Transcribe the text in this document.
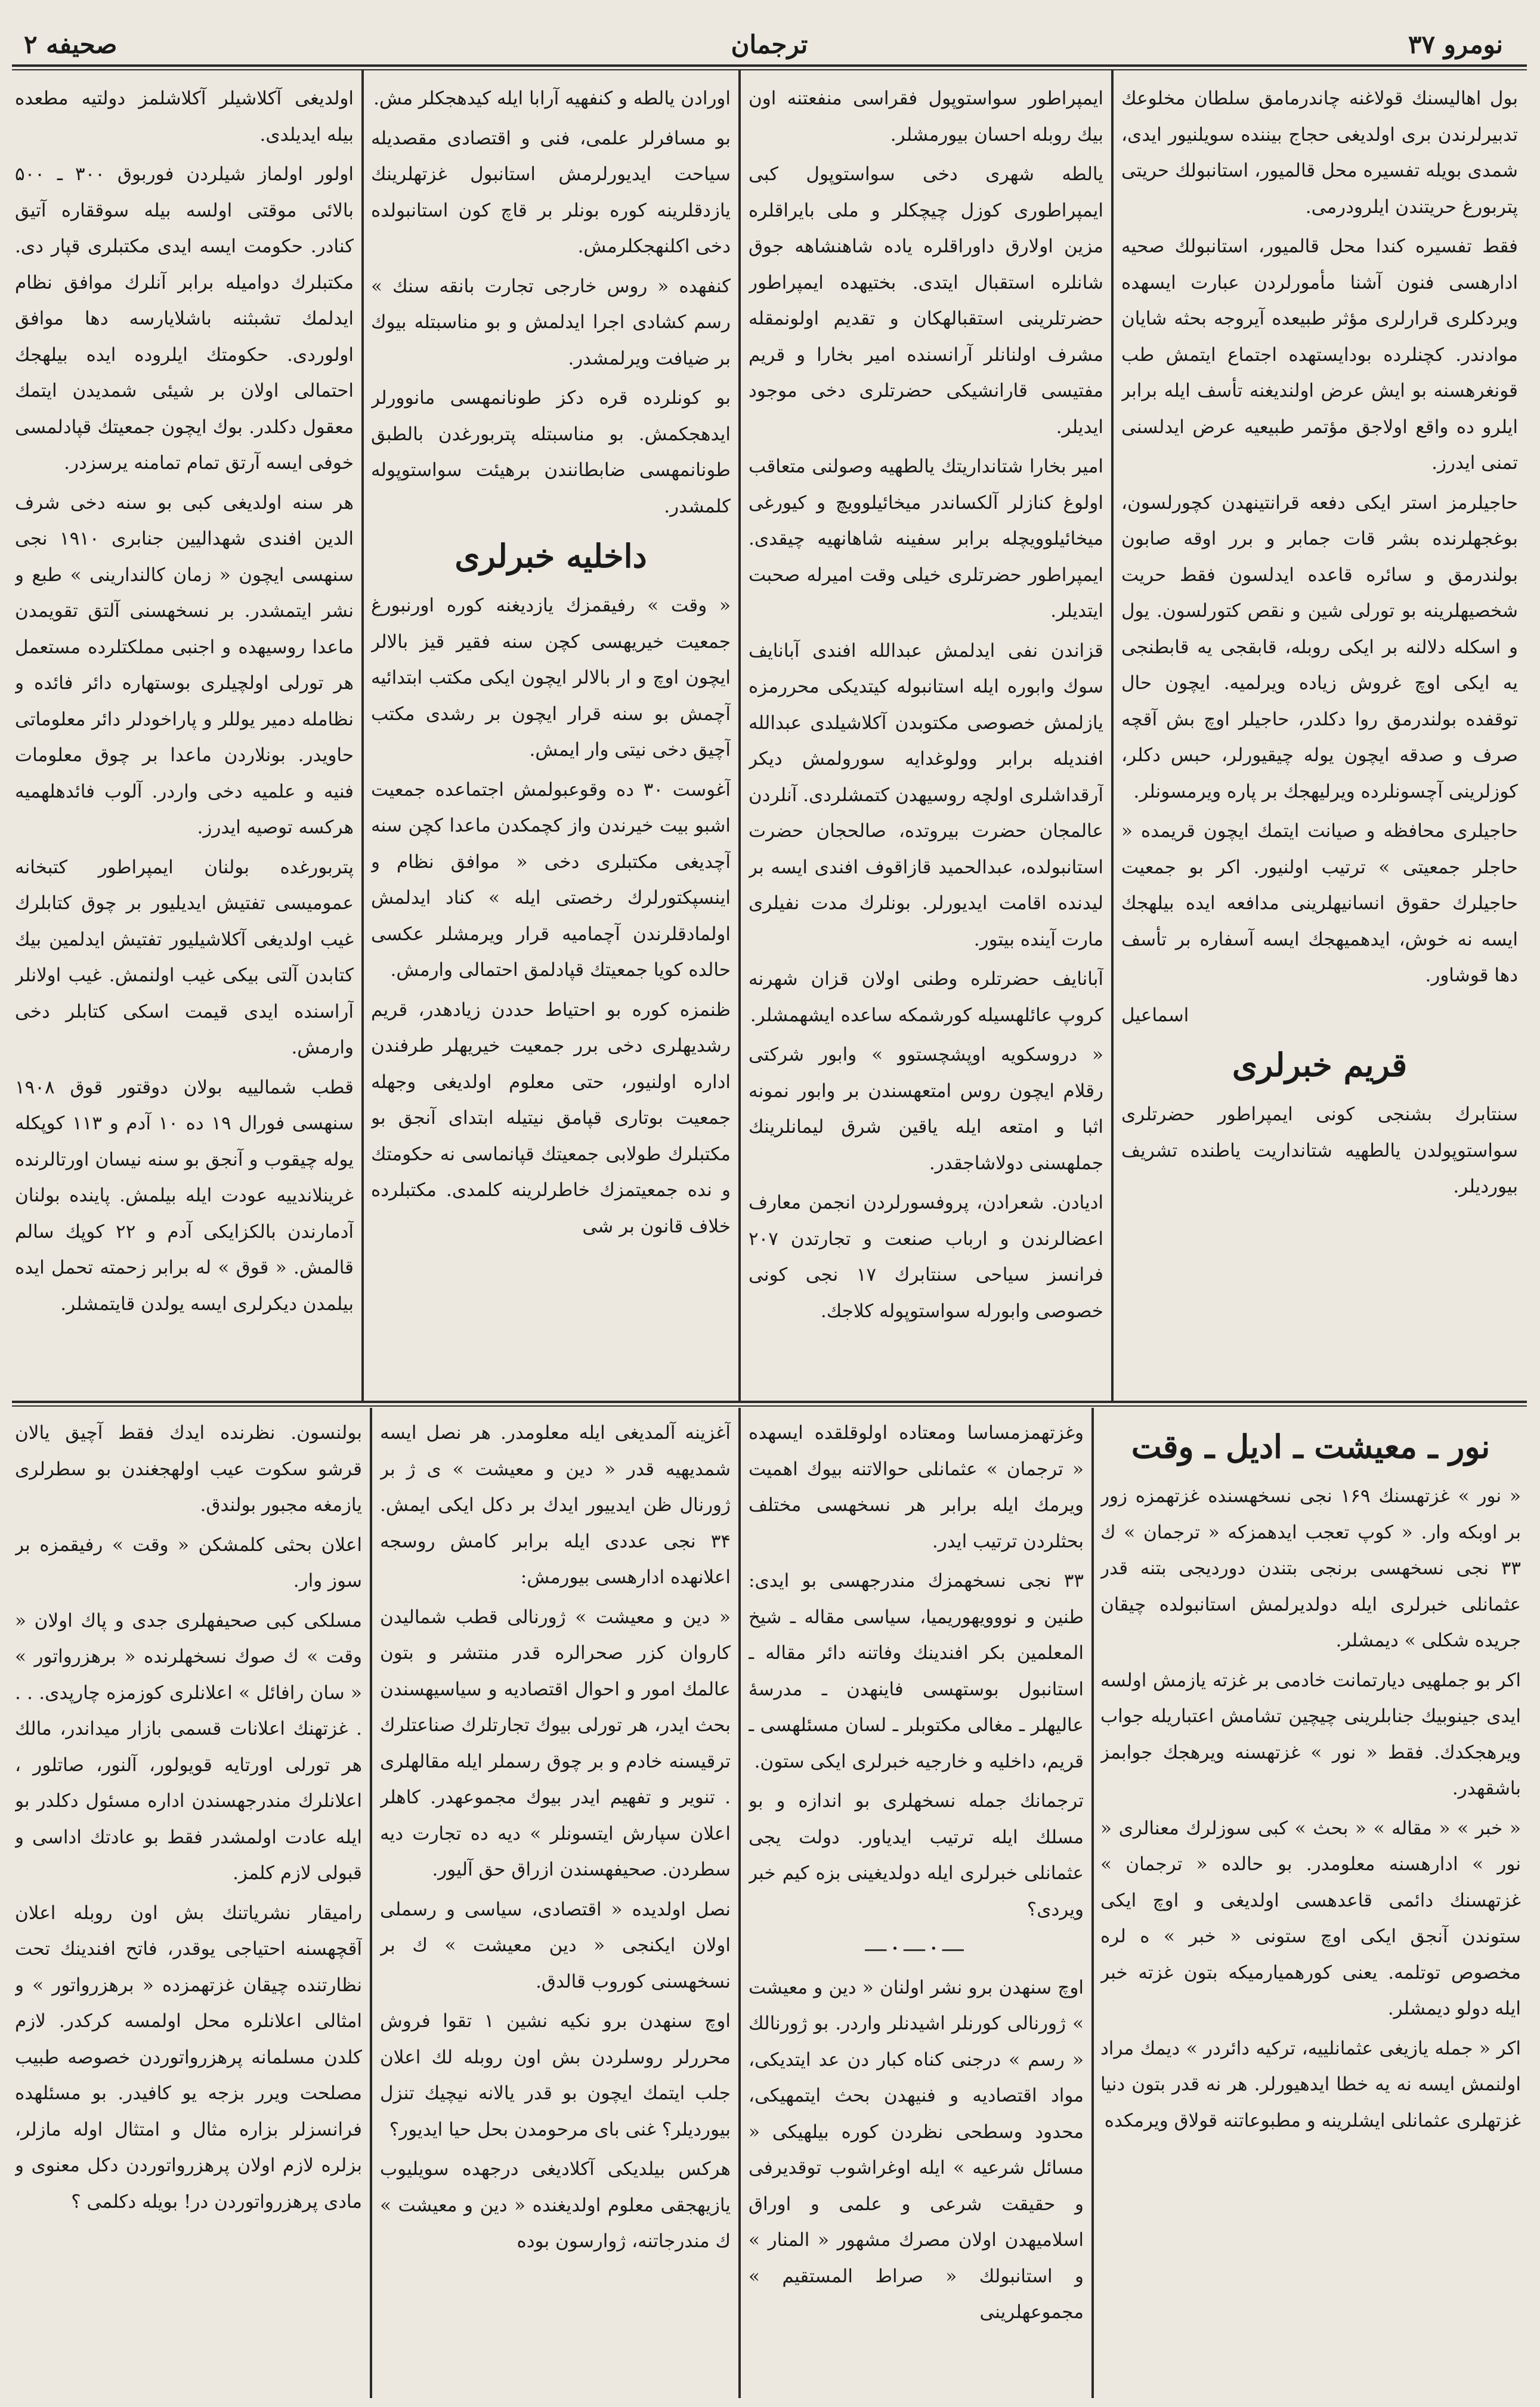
نومرو ۳۷
ترجمان
صحيفه ۲

بول اهالیسنك قولاغنه چاندرمامق سلطان مخلوعك تدبیرلرندن بری اولدیغی حجاج بیننده سویلنیور ایدی، شمدی بویله تفسیره محل قالمیور، استانبولك حریتی پتربورغ حریتندن ایلرودرمی.

فقط تفسیره کندا محل قالمیور، استانبولك صحیه ادارهسی فنون آشنا مأمورلردن عبارت ایسهده ویردکلری قرارلری مؤثر طبیعده آیروجه بحثه شایان موادندر. کچنلرده بودایستهده اجتماع ایتمش طب قونغرهسنه بو ایش عرض اولندیغنه تأسف ایله برابر ایلرو ده واقع اولاجق مؤتمر طبیعیه عرض ایدلسنی تمنی ایدرز.

حاجیلرمز استر ایکی دفعه قرانتینهدن کچورلسون، بوغجهلرنده بشر قات جمابر و برر اوقه صابون بولندرمق و سائره قاعده ایدلسون فقط حریت شخصیهلرینه بو تورلی شین و نقص کتورلسون. یول و اسکله دلالنه بر ایکی روبله، قابقجی یه قابطنجی یه ایکی اوچ غروش زیاده ویرلمیه. ایچون حال توقفده بولندرمق روا دکلدر، حاجیلر اوچ بش آقچه صرف و صدقه ایچون یوله چیقیورلر، حبس دکلر، کوزلرینی آچسونلرده ویرلیهجك بر پاره ویرمسونلر.

حاجیلری محافظه و صیانت ایتمك ایچون قریمده « حاجلر جمعیتی » ترتیب اولنیور. اکر بو جمعیت حاجیلرك حقوق انسانیهلرینی مدافعه ایده بیلهجك ایسه نه خوش، ایدهمیهجك ایسه آسفاره بر تأسف دها قوشاور.

اسماعیل

قريم خبرلری

سنتابرك بشنجی کونی ایمپراطور حضرتلری سواستوپولدن یالطهیه شتانداریت یاطنده تشریف بیوردیلر.

ایمپراطور سواستوپول فقراسی منفعتنه اون بیك روبله احسان بیورمشلر.

یالطه شهری دخی سواستوپول کبی ایمپراطوری کوزل چیچکلر و ملی بایراقلره مزین اولارق داوراقلره یاده شاهنشاهه جوق شانلره استقبال ایتدی. بختیهده ایمپراطور حضرتلرینی استقبالهکان و تقدیم اولونمقله مشرف اولنانلر آرانسنده امیر بخارا و قریم مفتیسی قارانشیکی حضرتلری دخی موجود ایدیلر.

امیر بخارا شتانداریتك یالطهیه وصولنی متعاقب اولوغ کنازلر آلکساندر میخائیلوویچ و کیورغی میخائیلوویچله برابر سفینه شاهانهیه چیقدی. ایمپراطور حضرتلری خیلی وقت امیرله صحبت ایتدیلر.

قزاندن نفی ایدلمش عبدالله افندی آبانایف سوك وابوره ایله استانبوله کیتدیکی محررمزه یازلمش خصوصی مکتوبدن آکلاشیلدی عبدالله افندیله برابر وولوغدایه سورولمش دیکر آرقداشلری اولچه روسیهدن کتمشلردی. آنلردن عالمجان حضرت بیروتده، صالحجان حضرت استانبولده، عبدالحمید قازاقوف افندی ایسه بر لیدنده اقامت ایدیورلر. بونلرك مدت نفیلری مارت آینده بیتور.

آبانایف حضرتلره وطنی اولان قزان شهرنه کروپ عائلهسیله کورشمکه ساعده ایشهمشلر.

« دروسکویه اوپشچستوو » وابور شرکتی رقلام ایچون روس امتعهسندن بر وابور نمونه اثبا و امتعه ایله یاقین شرق لیمانلرینك جملهسنی دولاشاجقدر.

ادیادن. شعرادن، پروفسورلردن انجمن معارف اعضالرندن و ارباب صنعت و تجارتدن ۲۰۷ فرانسز سیاحی سنتابرك ۱۷ نجی کونی خصوصی وابورله سواستوپوله کلاجك.

اورادن یالطه و کنفهیه آرابا ایله کیدهجکلر مش.

بو مسافرلر علمی، فنی و اقتصادی مقصدیله سیاحت ایدیورلرمش استانبول غزتهلرینك یازدقلرینه کوره بونلر بر قاچ کون استانبولده دخی اکلنهجکلرمش.

کنفهده « روس خارجی تجارت بانقه سنك » رسم کشادی اجرا ایدلمش و بو مناسبتله بیوك بر ضیافت ویرلمشدر.

بو کونلرده قره دکز طونانمهسی مانوورلر ایدهجکمش. بو مناسبتله پتربورغدن بالطبق طونانمهسی ضابطانندن برهیئت سواستوپوله کلمشدر.

داخلیه خبرلری

« وقت » رفیقمزك یازدیغنه کوره اورنبورغ جمعیت خیریهسی کچن سنه فقیر قیز بالالر ایچون اوچ و ار بالالر ایچون ایکی مکتب ابتدائیه آچمش بو سنه قرار ایچون بر رشدی مکتب آچیق دخی نیتی وار ایمش.

آغوست ۳۰ ده وقوعبولمش اجتماعده جمعیت اشبو بیت خیرندن واز کچمکدن ماعدا کچن سنه آچدیغی مکتبلری دخی « موافق نظام و اینسپکتورلرك رخصتی ایله » کناد ایدلمش اولمادقلرندن آچمامیه قرار ویرمشلر عکسی حالده کویا جمعیتك قپادلمق احتمالی وارمش.

ظنمزه کوره بو احتیاط حددن زیادهدر، قریم رشدیهلری دخی برر جمعیت خیریهلر طرفندن اداره اولنیور، حتی معلوم اولدیغی وجهله جمعیت بوتاری قپامق نیتیله ابتدای آنجق بو مکتبلرك طولابی جمعیتك قپانماسی نه حکومتك و نده جمعیتمزك خاطرلرینه کلمدی. مکتبلرده خلاف قانون بر شی

اولدیغی آکلاشیلر آکلاشلمز دولتیه مطعده بیله ایدیلدی.

اولور اولماز شیلردن فوربوق ۳۰۰ ـ ۵۰۰ بالائی موقتی اولسه بیله سوققاره آتیق کنادر. حکومت ایسه ایدی مکتبلری قپار دی. مکتبلرك دوامیله برابر آنلرك موافق نظام ایدلمك تشبثنه باشلایارسه دها موافق اولوردی. حکومتك ایلروده ایده بیلهجك احتمالی اولان بر شیئی شمدیدن ایتمك معقول دکلدر. بوك ایچون جمعیتك قپادلمسی خوفی ایسه آرتق تمام تمامنه یرسزدر.

هر سنه اولدیغی کبی بو سنه دخی شرف الدین افندی شهدالیین جنابری ۱۹۱۰ نجی سنهسی ایچون « زمان کالندارینی » طبع و نشر ایتمشدر. بر نسخهسنی آلتق تقویمدن ماعدا روسیهده و اجنبی مملکتلرده مستعمل هر تورلی اولچیلری بوستهاره دائر فائده و نظامله دمیر یوللر و پاراخودلر دائر معلوماتی حاویدر. بونلاردن ماعدا بر چوق معلومات فنیه و علمیه دخی واردر. آلوب فائدهلهمیه هرکسه توصیه ایدرز.

پتربورغده بولنان ایمپراطور کتبخانه عمومیسی تفتیش ایدیلیور بر چوق کتابلرك غیب اولدیغی آکلاشیلیور تفتیش ایدلمین بیك کتابدن آلتی بیکی غیب اولنمش. غیب اولانلر آراسنده ایدی قیمت اسکی کتابلر دخی وارمش.

قطب شمالییه بولان دوقتور قوق ۱۹۰۸ سنهسی فورال ۱۹ ده ۱۰ آدم و ۱۱۳ کوپکله یوله چیقوب و آنجق بو سنه نیسان اورتالرنده غرینلاندییه عودت ایله بیلمش. پاینده بولنان آدمارندن بالکزایکی آدم و ۲۲ کوپك سالم قالمش. « قوق » له برابر زحمته تحمل ایده بیلمدن دیکرلری ایسه یولدن قایتمشلر.

نور ـ معیشت ـ ادیل ـ وقت

« نور » غزتهسنك ۱۶۹ نجی نسخهسنده غزتهمزه زور بر اوبکه وار. « کوپ تعجب ایدهمزکه « ترجمان » ك ۳۳ نجی نسخهسی برنجی بتندن دوردیجی بتنه قدر عثمانلی خبرلری ایله دولدیرلمش استانبولده چیقان جریده شکلی » دیمشلر.

اکر بو جملهیی دیارتمانت خادمی بر غزته یازمش اولسه ایدی جینوبیك جنابلرینی چیچین تشامش اعتباریله جواب ویرهجکدك. فقط « نور » غزتهسنه ویرهجك جوابمز باشقهدر.

« خبر » « مقاله » « بحث » کبی سوزلرك معنالری « نور » ادارهسنه معلومدر. بو حالده « ترجمان » غزتهسنك دائمی قاعدهسی اولدیغی و اوچ ایکی ستوندن آنجق ایکی اوچ ستونی « خبر » ه لره مخصوص توتلمه. یعنی کورهمیارمیکه بتون غزته خبر ایله دولو دیمشلر.

اکر « جمله یازیغی عثمانلییه، ترکیه دائردر » دیمك مراد اولنمش ایسه نه یه خطا ایدهیورلر. هر نه قدر بتون دنیا غزتهلری عثمانلی ایشلرینه و مطبوعاتنه قولاق ویرمکده

وغزتهمزمساسا ومعتاده اولوقلقده ایسهده « ترجمان » عثمانلی حوالاتنه بیوك اهمیت ویرمك ایله برابر هر نسخهسی مختلف بحثلردن ترتیب ایدر.

۳۳ نجی نسخهمزك مندرجهسی بو ایدی: طنین و نووویهوریمیا، سیاسی مقاله ـ شیخ المعلمین بکر افندینك وفاتنه دائر مقاله ـ استانبول بوستهسی فاینهدن ـ مدرسهٔ عالیهلر ـ مغالی مکتوبلر ـ لسان مسئلهسی ـ قریم، داخلیه و خارجیه خبرلری ایکی ستون.

ترجمانك جمله نسخهلری بو اندازه و بو مسلك ایله ترتیب ایدیاور. دولت یجی عثمانلی خبرلری ایله دولدیغینی بزه کیم خبر ویردی؟

—·—·—

اوچ سنهدن برو نشر اولنان « دین و معیشت » ژورنالی کورنلر اشیدنلر واردر. بو ژورنالك « رسم » درجنی کناه کبار دن عد ایتدیکی، مواد اقتصادیه و فنیهدن بحث ایتمهیکی، محدود وسطحی نظردن کوره بیلهیکی « مسائل شرعیه » ایله اوغراشوب توقدیرفی و حقیقت شرعی و علمی و اوراق اسلامیهدن اولان مصرك مشهور « المنار » و استانبولك « صراط المستقیم » مجموعهلرینی

آغزینه آلمدیغی ایله معلومدر. هر نصل ایسه شمدیهیه قدر « دین و معیشت » ی ژ بر ژورنال ظن ایدییور ایدك بر دکل ایکی ایمش. ۳۴ نجی عددی ایله برابر کامش روسجه اعلانهده ادارهسی بیورمش:

« دین و معیشت » ژورنالی قطب شمالیدن کاروان کزر صحرالره قدر منتشر و بتون عالمك امور و احوال اقتصادیه و سیاسیهسندن بحث ایدر، هر تورلی بیوك تجارتلرك صناعتلرك ترقیسنه خادم و بر چوق رسملر ایله مقالهلری . تنویر و تفهیم ایدر بیوك مجموعهدر. کاهلر اعلان سپارش ایتسونلر » دیه ده تجارت دیه سطردن. صحیفهسندن ازراق حق آلیور.

نصل اولدیده « اقتصادی، سیاسی و رسملی اولان ایکنجی « دین معیشت » ك بر نسخهسنی کوروب قالدق.

اوچ سنهدن برو نکیه نشین ۱ تقوا فروش محررلر روسلردن بش اون روبله لك اعلان جلب ایتمك ایچون بو قدر یالانه نیچیك تنزل بیورديلر؟ غنی بای مرحومدن بحل حیا ایدیور؟

هرکس بیلدیکی آکلادیغی درجهده سویلیوب یازیهجقی معلوم اولدیغنده « دین و معیشت » ك مندرجاتنه، ژوارسون بوده

بولنسون. نظرنده ایدك فقط آچیق یالان قرشو سکوت عیب اولهجغندن بو سطرلری یازمغه مجبور بولندق.

اعلان بحثی کلمشکن « وقت » رفیقمزه بر سوز وار.

مسلکی کبی صحیفهلری جدی و پاك اولان « وقت » ك صوك نسخهلرنده « برهزرواتور » « سان رافائل » اعلانلری کوزمزه چارپدی. . . . غزتهنك اعلانات قسمی بازار میداندر، مالك هر تورلی اورتایه قویولور، آلنور، صاتلور ، اعلانلرك مندرجهسندن اداره مسئول دکلدر بو ایله عادت اولمشدر فقط بو عادتك اداسی و قبولی لازم کلمز.

رامیقار نشریاتنك بش اون روبله اعلان آقچهسنه احتیاجی یوقدر، فاتح افندینك تحت نظارتنده چیقان غزتهمزده « برهزرواتور » و امثالی اعلانلره محل اولمسه کرکدر. لازم کلدن مسلمانه پرهزرواتوردن خصوصه طبیب مصلحت ویرر بزجه یو کافیدر. بو مسئلهده فرانسزلر بزاره مثال و امتثال اوله مازلر، بزلره لازم اولان پرهزرواتوردن دکل معنوی و مادی پرهزرواتوردن در! بویله دکلمی ؟
